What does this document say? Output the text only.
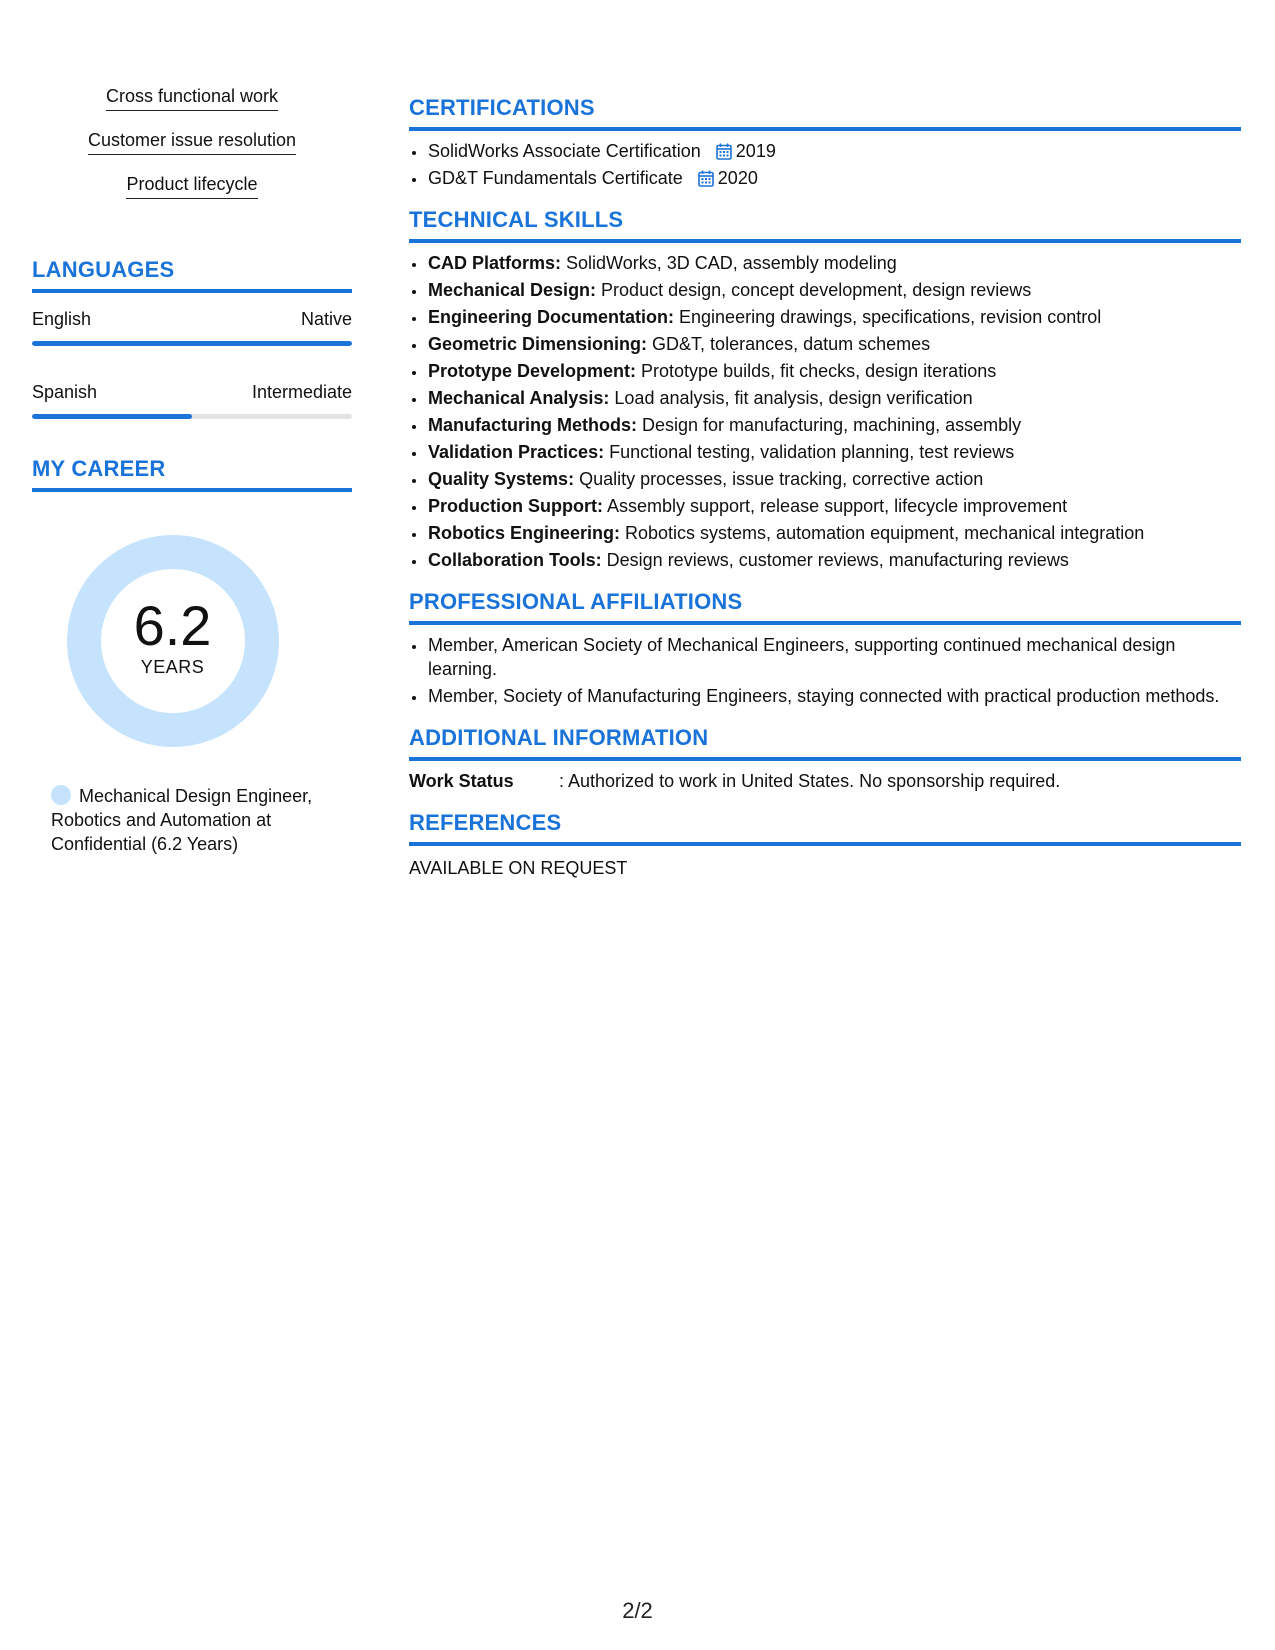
Cross functional work
Customer issue resolution
Product lifecycle
LANGUAGES
English	Native
Spanish	Intermediate
MY CAREER
6.2
YEARS
Mechanical Design Engineer,
Robotics and Automation at
Confidential (6.2 Years)
CERTIFICATIONS
• SolidWorks Associate Certification 2019
• GD&T Fundamentals Certificate 2020
TECHNICAL SKILLS
• CAD Platforms: SolidWorks, 3D CAD, assembly modeling
• Mechanical Design: Product design, concept development, design reviews
• Engineering Documentation: Engineering drawings, specifications, revision control
• Geometric Dimensioning: GD&T, tolerances, datum schemes
• Prototype Development: Prototype builds, fit checks, design iterations
• Mechanical Analysis: Load analysis, fit analysis, design verification
• Manufacturing Methods: Design for manufacturing, machining, assembly
• Validation Practices: Functional testing, validation planning, test reviews
• Quality Systems: Quality processes, issue tracking, corrective action
• Production Support: Assembly support, release support, lifecycle improvement
• Robotics Engineering: Robotics systems, automation equipment, mechanical integration
• Collaboration Tools: Design reviews, customer reviews, manufacturing reviews
PROFESSIONAL AFFILIATIONS
• Member, American Society of Mechanical Engineers, supporting continued mechanical design learning.
• Member, Society of Manufacturing Engineers, staying connected with practical production methods.
ADDITIONAL INFORMATION
Work Status	: Authorized to work in United States. No sponsorship required.
REFERENCES
AVAILABLE ON REQUEST
2/2
